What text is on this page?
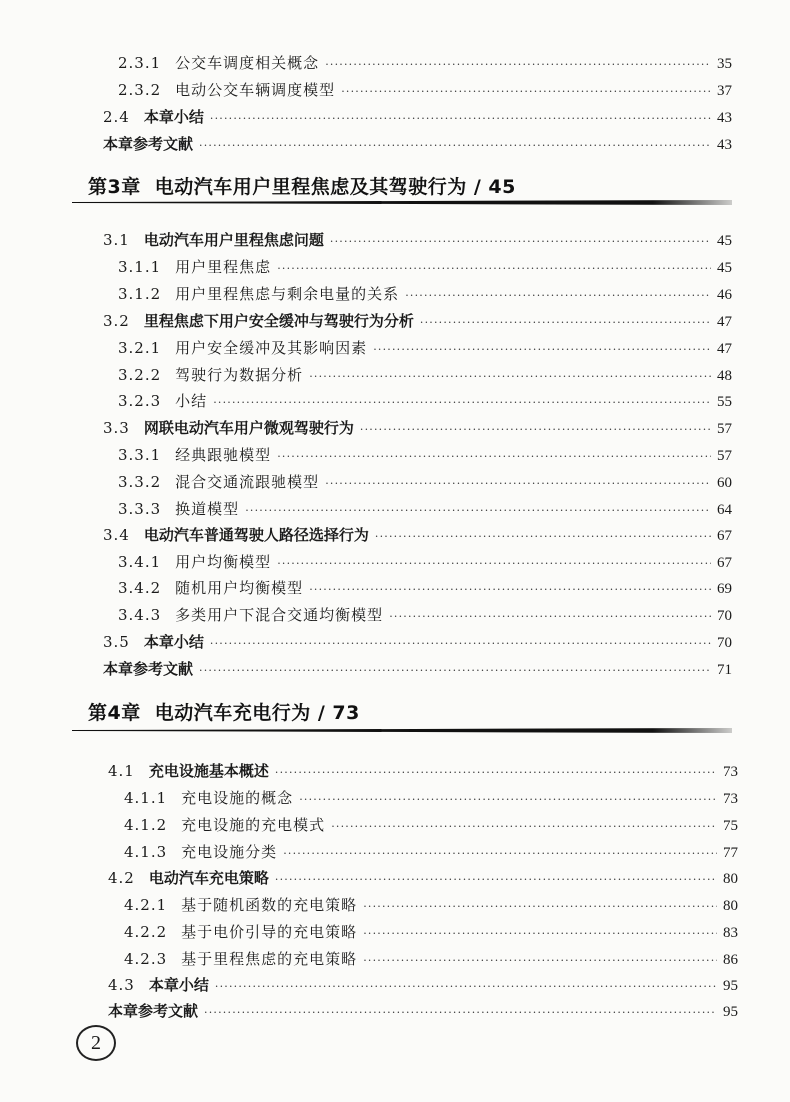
2.3.1 公交车调度相关概念 ·····	35
2.3.2 电动公交车辆调度模型 ·····	37
2.4 本章小结 ·····	43
本章参考文献 ·····	43
第3章 电动汽车用户里程焦虑及其驾驶行为 / 45
3.1 电动汽车用户里程焦虑问题 ·····	45
3.1.1 用户里程焦虑 ·····	45
3.1.2 用户里程焦虑与剩余电量的关系 ·····	46
3.2 里程焦虑下用户安全缓冲与驾驶行为分析 ·····	47
3.2.1 用户安全缓冲及其影响因素 ·····	47
3.2.2 驾驶行为数据分析 ·····	48
3.2.3 小结 ·····	55
3.3 网联电动汽车用户微观驾驶行为 ·····	57
3.3.1 经典跟驰模型 ·····	57
3.3.2 混合交通流跟驰模型 ·····	60
3.3.3 换道模型 ·····	64
3.4 电动汽车普通驾驶人路径选择行为 ·····	67
3.4.1 用户均衡模型 ·····	67
3.4.2 随机用户均衡模型 ·····	69
3.4.3 多类用户下混合交通均衡模型 ·····	70
3.5 本章小结 ·····	70
本章参考文献 ·····	71
第4章 电动汽车充电行为 / 73
4.1 充电设施基本概述 ·····	73
4.1.1 充电设施的概念 ·····	73
4.1.2 充电设施的充电模式 ·····	75
4.1.3 充电设施分类 ·····	77
4.2 电动汽车充电策略 ·····	80
4.2.1 基于随机函数的充电策略 ·····	80
4.2.2 基于电价引导的充电策略 ·····	83
4.2.3 基于里程焦虑的充电策略 ·····	86
4.3 本章小结 ·····	95
本章参考文献 ·····	95
2
